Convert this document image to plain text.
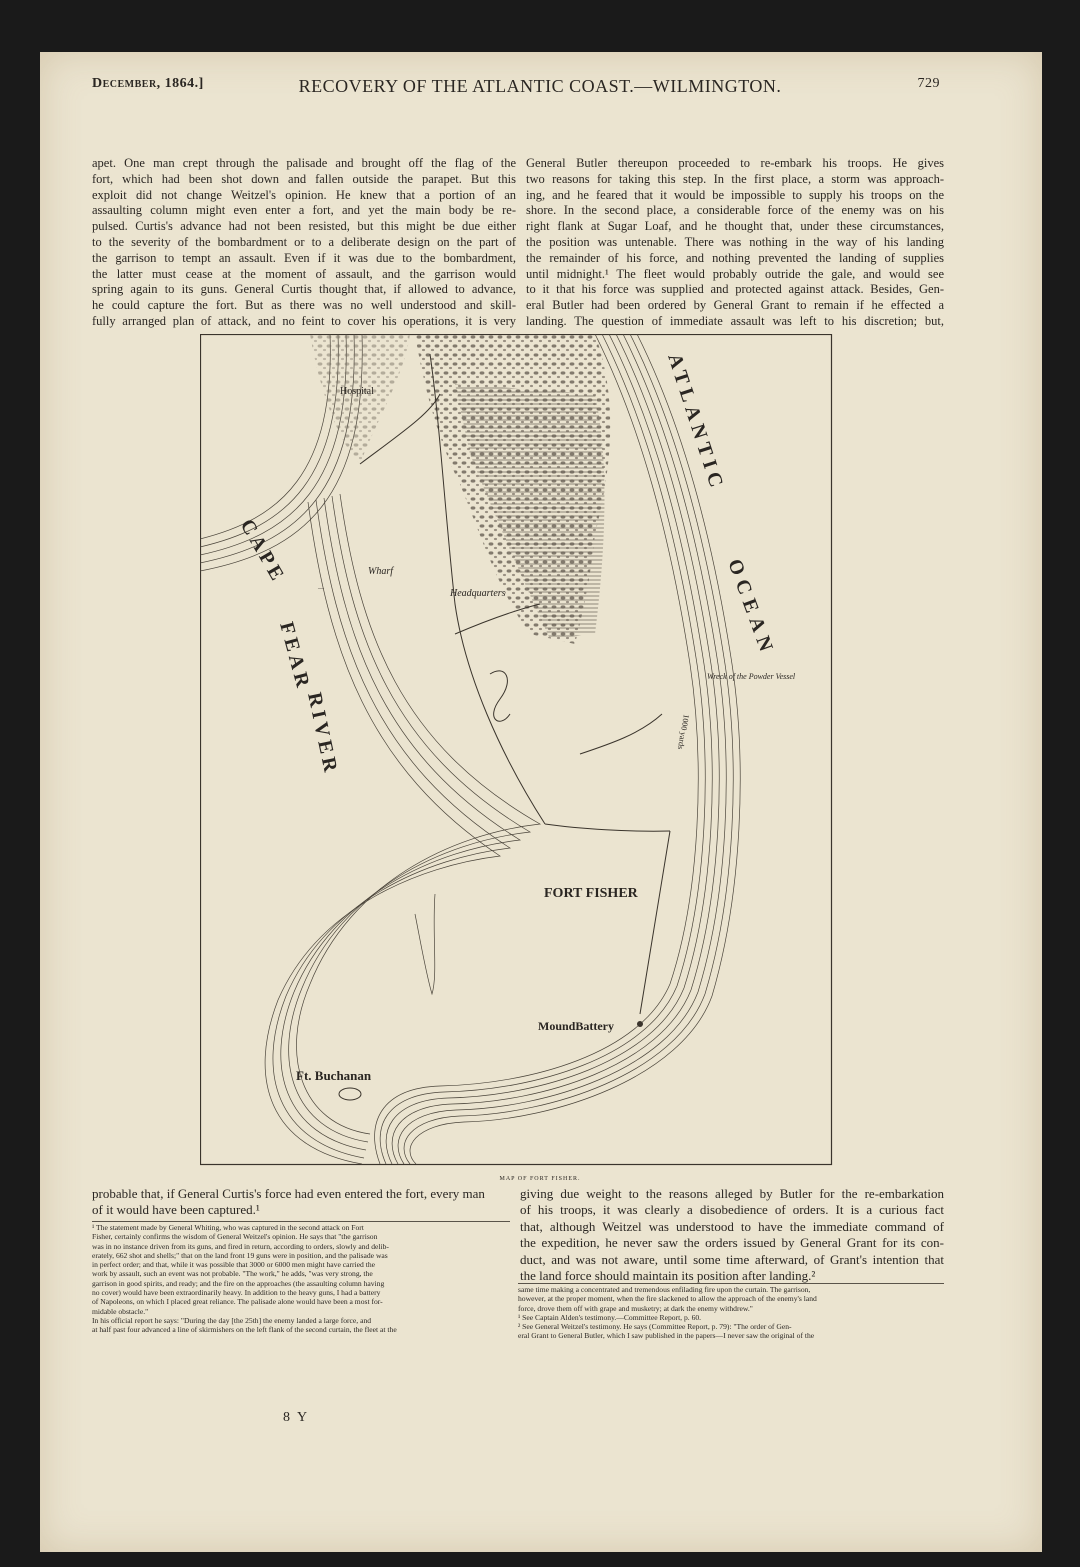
December, 1864.]	RECOVERY OF THE ATLANTIC COAST.—WILMINGTON.	729
apet. One man crept through the palisade and brought off the flag of the
fort, which had been shot down and fallen outside the parapet. But this
exploit did not change Weitzel's opinion. He knew that a portion of an
assaulting column might even enter a fort, and yet the main body be re-
pulsed. Curtis's advance had not been resisted, but this might be due either
to the severity of the bombardment or to a deliberate design on the part of
the garrison to tempt an assault. Even if it was due to the bombardment,
the latter must cease at the moment of assault, and the garrison would
spring again to its guns. General Curtis thought that, if allowed to advance,
he could capture the fort. But as there was no well understood and skill-
fully arranged plan of attack, and no feint to cover his operations, it is very
General Butler thereupon proceeded to re-embark his troops. He gives
two reasons for taking this step. In the first place, a storm was approach-
ing, and he feared that it would be impossible to supply his troops on the
shore. In the second place, a considerable force of the enemy was on his
right flank at Sugar Loaf, and he thought that, under these circumstances,
the position was untenable. There was nothing in the way of his landing
the remainder of his force, and nothing prevented the landing of supplies
until midnight.¹ The fleet would probably outride the gale, and would see
to it that his force was supplied and protected against attack. Besides, Gen-
eral Butler had been ordered by General Grant to remain if he effected a
landing. The question of immediate assault was left to his discretion; but,
—
CAPE
FEAR
RIVER
ATLANTIC
OCEAN
Hospital
Wharf
Headquarters
Wreck of the Powder Vessel
1000 yards
FORT FISHER
MoundBattery
Ft. Buchanan
MAP OF FORT FISHER.
probable that, if General Curtis's force had even entered the fort, every man
of it would have been captured.¹
¹ The statement made by General Whiting, who was captured in the second attack on Fort
Fisher, certainly confirms the wisdom of General Weitzel's opinion. He says that "the garrison
was in no instance driven from its guns, and fired in return, according to orders, slowly and delib-
erately, 662 shot and shells;" that on the land front 19 guns were in position, and the palisade was
in perfect order; and that, while it was possible that 3000 or 6000 men might have carried the
work by assault, such an event was not probable. "The work," he adds, "was very strong, the
garrison in good spirits, and ready; and the fire on the approaches (the assaulting column having
no cover) would have been extraordinarily heavy. In addition to the heavy guns, I had a battery
of Napoleons, on which I placed great reliance. The palisade alone would have been a most for-
midable obstacle."
In his official report he says: "During the day [the 25th] the enemy landed a large force, and
at half past four advanced a line of skirmishers on the left flank of the second curtain, the fleet at the
giving due weight to the reasons alleged by Butler for the re-embarkation
of his troops, it was clearly a disobedience of orders. It is a curious fact
that, although Weitzel was understood to have the immediate command of
the expedition, he never saw the orders issued by General Grant for its con-
duct, and was not aware, until some time afterward, of Grant's intention that
the land force should maintain its position after landing.²
same time making a concentrated and tremendous enfilading fire upon the curtain. The garrison,
however, at the proper moment, when the fire slackened to allow the approach of the enemy's land
force, drove them off with grape and musketry; at dark the enemy withdrew."
¹ See Captain Alden's testimony.—Committee Report, p. 60.
² See General Weitzel's testimony. He says (Committee Report, p. 79): "The order of Gen-
eral Grant to General Butler, which I saw published in the papers—I never saw the original of the
8 Y
